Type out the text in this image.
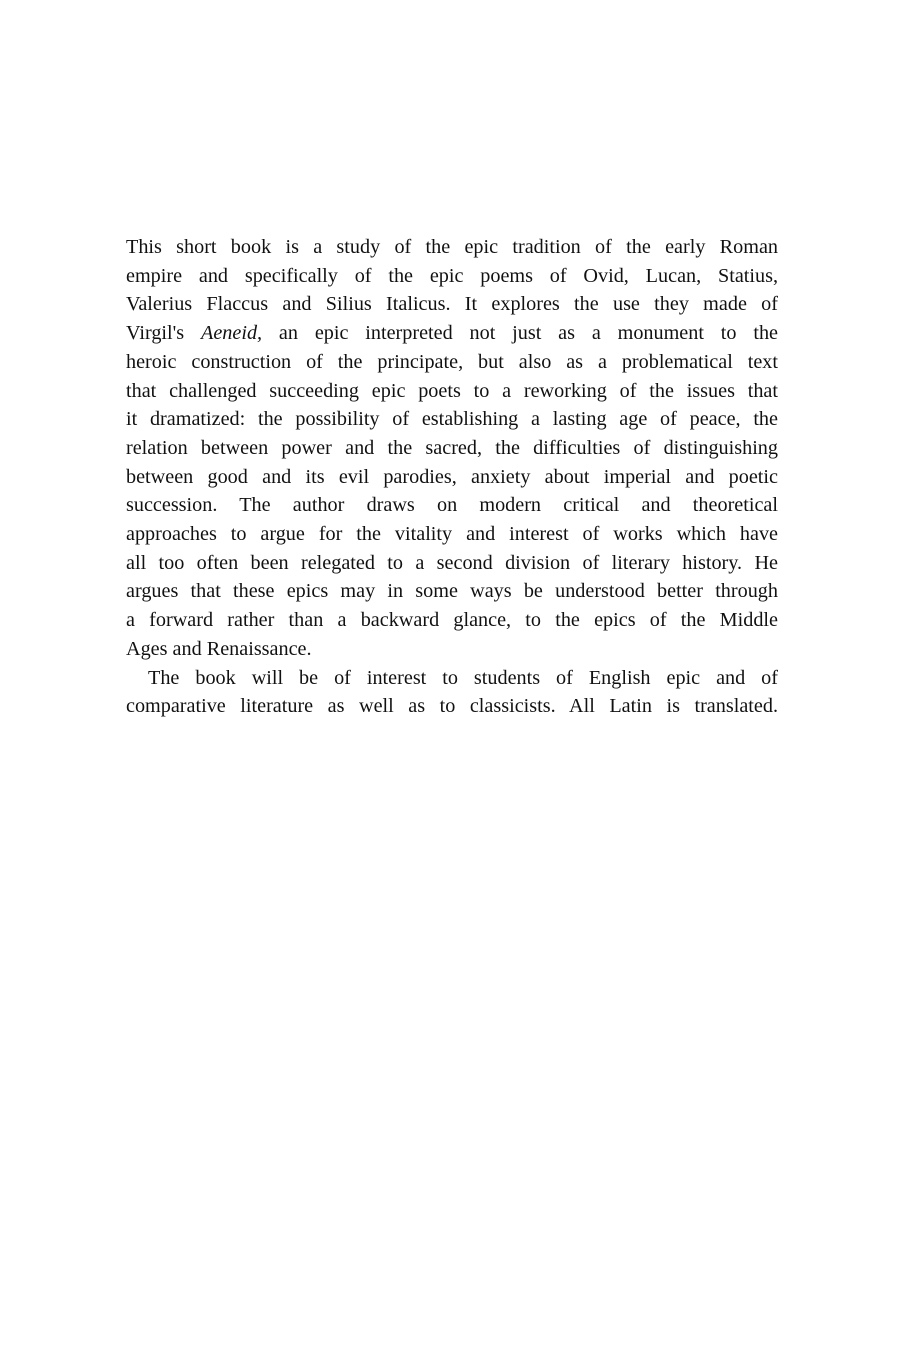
This short book is a study of the epic tradition of the early Roman
empire and specifically of the epic poems of Ovid, Lucan, Statius,
Valerius Flaccus and Silius Italicus. It explores the use they made of
Virgil's Aeneid, an epic interpreted not just as a monument to the
heroic construction of the principate, but also as a problematical text
that challenged succeeding epic poets to a reworking of the issues that
it dramatized: the possibility of establishing a lasting age of peace, the
relation between power and the sacred, the difficulties of distinguishing
between good and its evil parodies, anxiety about imperial and poetic
succession. The author draws on modern critical and theoretical
approaches to argue for the vitality and interest of works which have
all too often been relegated to a second division of literary history. He
argues that these epics may in some ways be understood better through
a forward rather than a backward glance, to the epics of the Middle
Ages and Renaissance.
The book will be of interest to students of English epic and of
comparative literature as well as to classicists. All Latin is translated.
